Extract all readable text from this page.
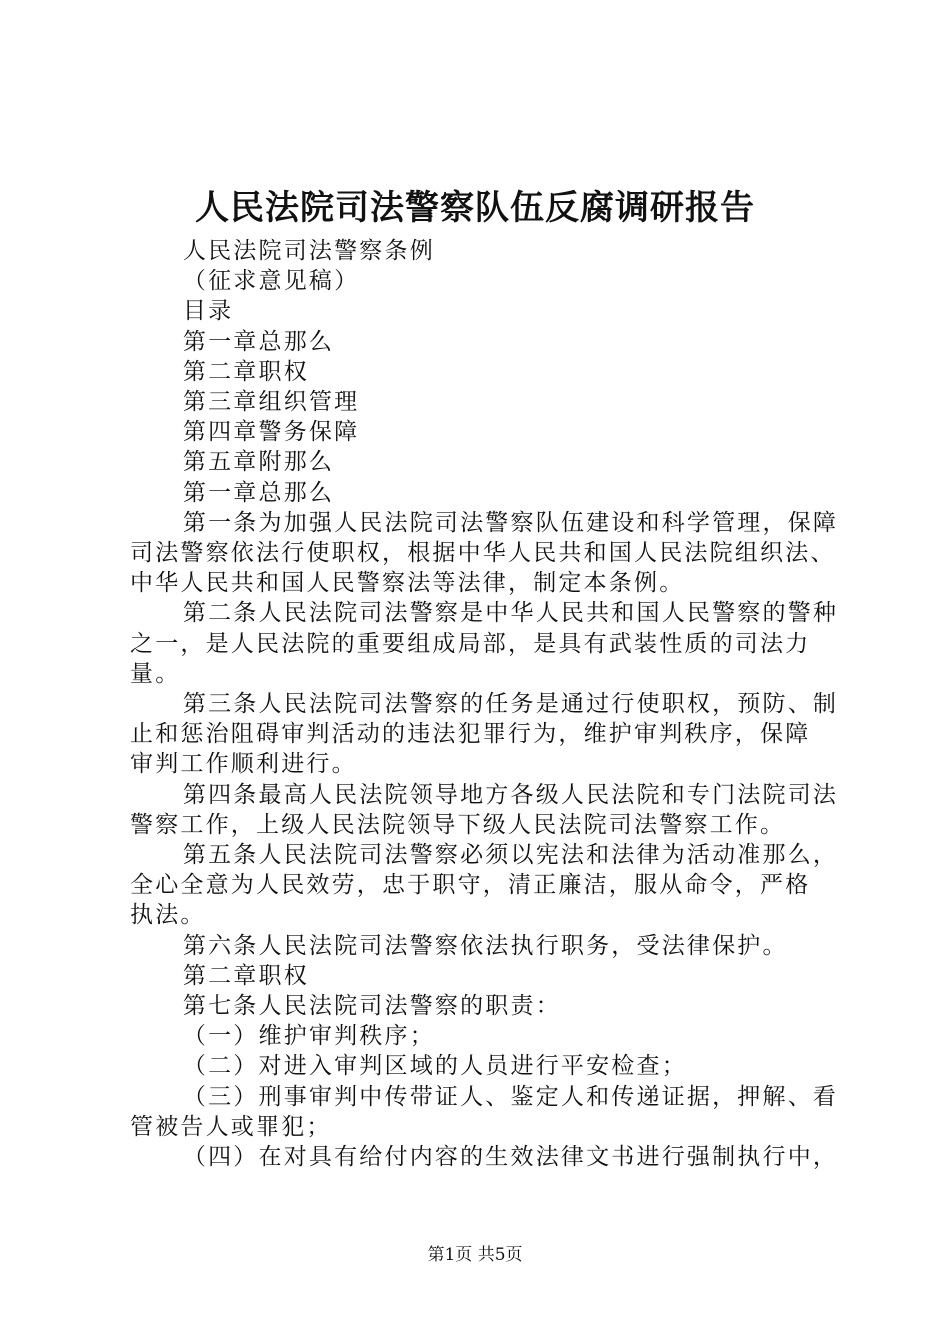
人民法院司法警察队伍反腐调研报告

人民法院司法警察条例

（征求意见稿）

目录

第一章总那么

第二章职权

第三章组织管理

第四章警务保障

第五章附那么

第一章总那么

第一条为加强人民法院司法警察队伍建设和科学管理，保障

司法警察依法行使职权，根据中华人民共和国人民法院组织法、

中华人民共和国人民警察法等法律，制定本条例。

第二条人民法院司法警察是中华人民共和国人民警察的警种

之一，是人民法院的重要组成局部，是具有武装性质的司法力

量。

第三条人民法院司法警察的任务是通过行使职权，预防、制

止和惩治阻碍审判活动的违法犯罪行为，维护审判秩序，保障

审判工作顺利进行。

第四条最高人民法院领导地方各级人民法院和专门法院司法

警察工作，上级人民法院领导下级人民法院司法警察工作。

第五条人民法院司法警察必须以宪法和法律为活动准那么，

全心全意为人民效劳，忠于职守，清正廉洁，服从命令，严格

执法。

第六条人民法院司法警察依法执行职务，受法律保护。

第二章职权

第七条人民法院司法警察的职责：

（一）维护审判秩序；

（二）对进入审判区域的人员进行平安检查；

（三）刑事审判中传带证人、鉴定人和传递证据，押解、看

管被告人或罪犯；

（四）在对具有给付内容的生效法律文书进行强制执行中，

第1页 共5页
